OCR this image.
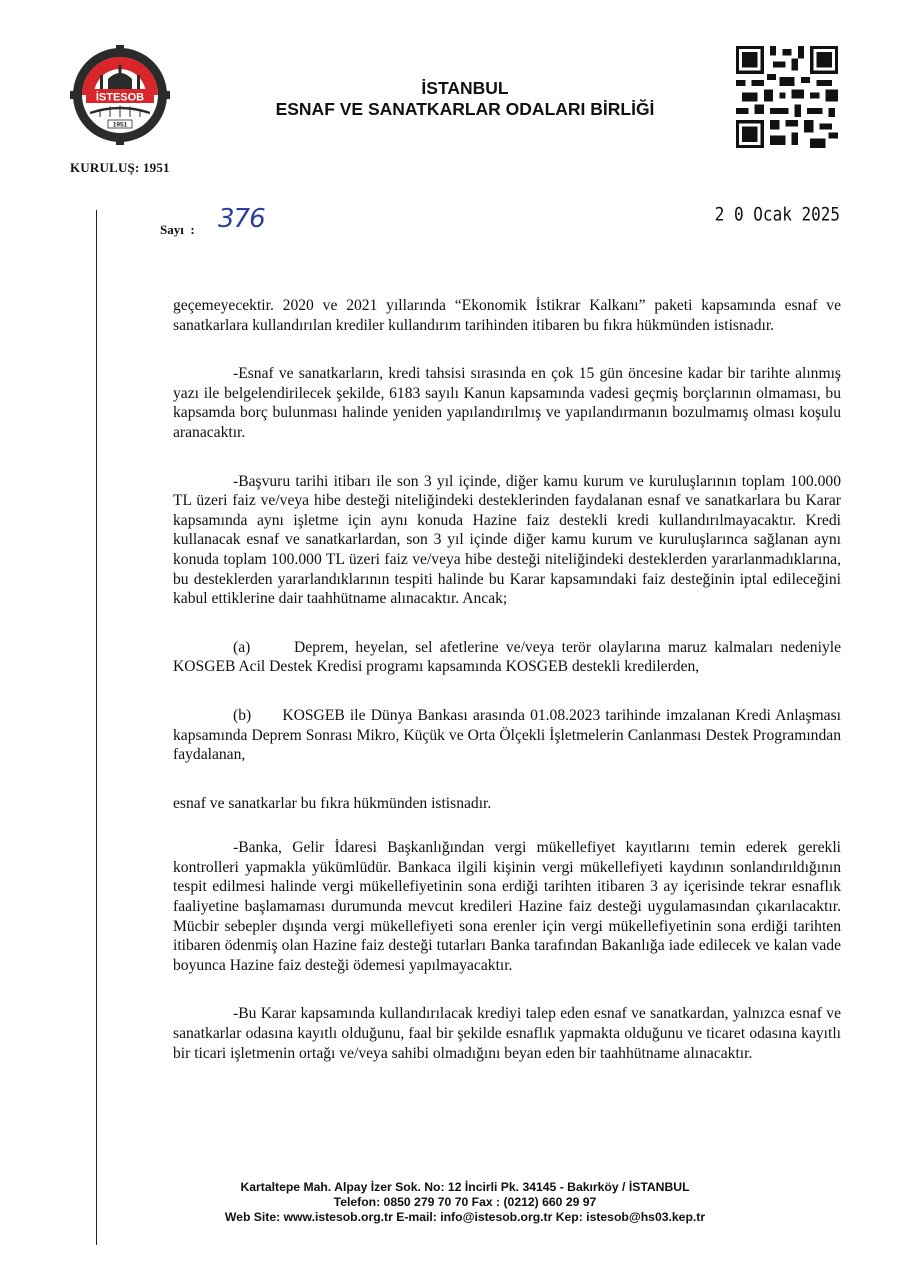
İSTESOB
1951
KURULUŞ: 1951
İSTANBUL
ESNAF VE SANATKARLAR ODALARI BİRLİĞİ
Sayı : 376	2 0 Ocak 2025

geçemeyecektir. 2020 ve 2021 yıllarında “Ekonomik İstikrar Kalkanı” paketi kapsamında esnaf ve sanatkarlara kullandırılan krediler kullandırım tarihinden itibaren bu fıkra hükmünden istisnadır.

-Esnaf ve sanatkarların, kredi tahsisi sırasında en çok 15 gün öncesine kadar bir tarihte alınmış yazı ile belgelendirilecek şekilde, 6183 sayılı Kanun kapsamında vadesi geçmiş borçlarının olmaması, bu kapsamda borç bulunması halinde yeniden yapılandırılmış ve yapılandırmanın bozulmamış olması koşulu aranacaktır.

-Başvuru tarihi itibarı ile son 3 yıl içinde, diğer kamu kurum ve kuruluşlarının toplam 100.000 TL üzeri faiz ve/veya hibe desteği niteliğindeki desteklerinden faydalanan esnaf ve sanatkarlara bu Karar kapsamında aynı işletme için aynı konuda Hazine faiz destekli kredi kullandırılmayacaktır. Kredi kullanacak esnaf ve sanatkarlardan, son 3 yıl içinde diğer kamu kurum ve kuruluşlarınca sağlanan aynı konuda toplam 100.000 TL üzeri faiz ve/veya hibe desteği niteliğindeki desteklerden yararlanmadıklarına, bu desteklerden yararlandıklarının tespiti halinde bu Karar kapsamındaki faiz desteğinin iptal edileceğini kabul ettiklerine dair taahhütname alınacaktır. Ancak;

(a)	Deprem, heyelan, sel afetlerine ve/veya terör olaylarına maruz kalmaları nedeniyle KOSGEB Acil Destek Kredisi programı kapsamında KOSGEB destekli kredilerden,

(b) KOSGEB ile Dünya Bankası arasında 01.08.2023 tarihinde imzalanan Kredi Anlaşması kapsamında Deprem Sonrası Mikro, Küçük ve Orta Ölçekli İşletmelerin Canlanması Destek Programından faydalanan,

esnaf ve sanatkarlar bu fıkra hükmünden istisnadır.

-Banka, Gelir İdaresi Başkanlığından vergi mükellefiyet kayıtlarını temin ederek gerekli kontrolleri yapmakla yükümlüdür. Bankaca ilgili kişinin vergi mükellefiyeti kaydının sonlandırıldığının tespit edilmesi halinde vergi mükellefiyetinin sona erdiği tarihten itibaren 3 ay içerisinde tekrar esnaflık faaliyetine başlamaması durumunda mevcut kredileri Hazine faiz desteği uygulamasından çıkarılacaktır. Mücbir sebepler dışında vergi mükellefiyeti sona erenler için vergi mükellefiyetinin sona erdiği tarihten itibaren ödenmiş olan Hazine faiz desteği tutarları Banka tarafından Bakanlığa iade edilecek ve kalan vade boyunca Hazine faiz desteği ödemesi yapılmayacaktır.

-Bu Karar kapsamında kullandırılacak krediyi talep eden esnaf ve sanatkardan, yalnızca esnaf ve sanatkarlar odasına kayıtlı olduğunu, faal bir şekilde esnaflık yapmakta olduğunu ve ticaret odasına kayıtlı bir ticari işletmenin ortağı ve/veya sahibi olmadığını beyan eden bir taahhütname alınacaktır.

Kartaltepe Mah. Alpay İzer Sok. No: 12 İncirli Pk. 34145 - Bakırköy / İSTANBUL
Telefon: 0850 279 70 70 Fax : (0212) 660 29 97
Web Site: www.istesob.org.tr E-mail: info@istesob.org.tr Kep: istesob@hs03.kep.tr
